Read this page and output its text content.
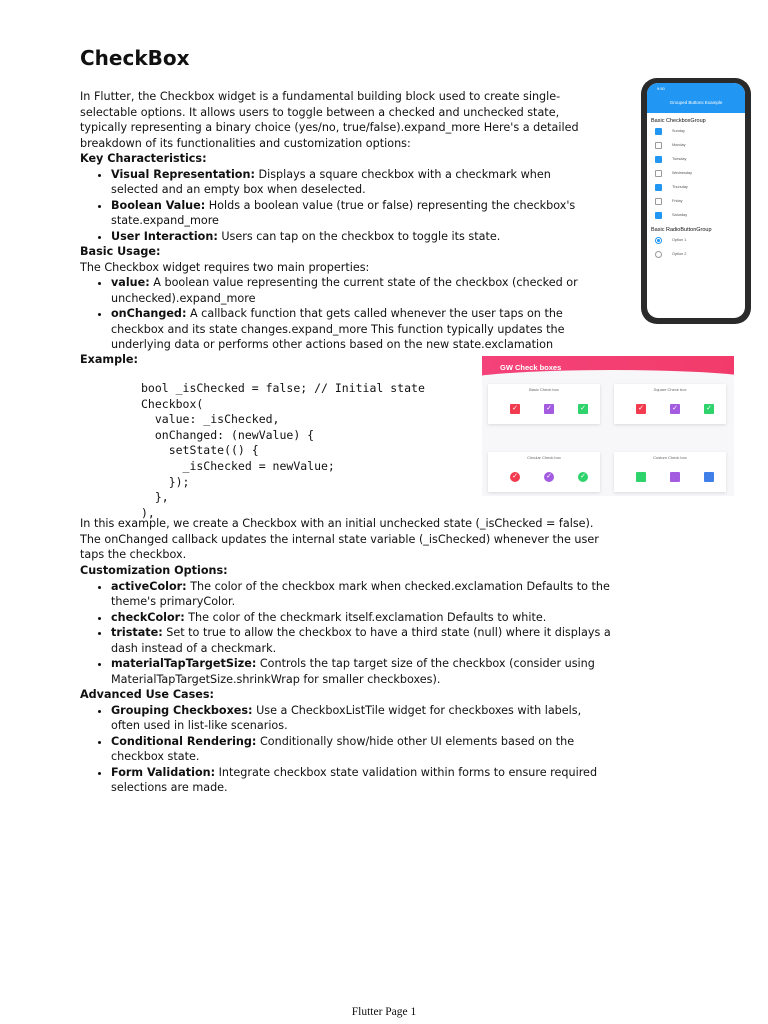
CheckBox
In Flutter, the Checkbox widget is a fundamental building block used to create single-selectable options. It allows users to toggle between a checked and unchecked state, typically representing a binary choice (yes/no, true/false).expand_more Here's a detailed breakdown of its functionalities and customization options:
Key Characteristics:
• Visual Representation: Displays a square checkbox with a checkmark when selected and an empty box when deselected.
• Boolean Value: Holds a boolean value (true or false) representing the checkbox's state.expand_more
• User Interaction: Users can tap on the checkbox to toggle its state.
Basic Usage:
The Checkbox widget requires two main properties:
• value: A boolean value representing the current state of the checkbox (checked or unchecked).expand_more
• onChanged: A callback function that gets called whenever the user taps on the checkbox and its state changes.expand_more This function typically updates the underlying data or performs other actions based on the new state.exclamation
Example:
bool _isChecked = false; // Initial state
Checkbox(
value: _isChecked,
onChanged: (newValue) {
setState(() {
_isChecked = newValue;
});
},
),
In this example, we create a Checkbox with an initial unchecked state (_isChecked = false). The onChanged callback updates the internal state variable (_isChecked) whenever the user taps the checkbox.
Customization Options:
• activeColor: The color of the checkbox mark when checked.exclamation Defaults to the theme's primaryColor.
• checkColor: The color of the checkmark itself.exclamation Defaults to white.
• tristate: Set to true to allow the checkbox to have a third state (null) where it displays a dash instead of a checkmark.
• materialTapTargetSize: Controls the tap target size of the checkbox (consider using MaterialTapTargetSize.shrinkWrap for smaller checkboxes).
Advanced Use Cases:
• Grouping Checkboxes: Use a CheckboxListTile widget for checkboxes with labels, often used in list-like scenarios.
• Conditional Rendering: Conditionally show/hide other UI elements based on the checkbox state.
• Form Validation: Integrate checkbox state validation within forms to ensure required selections are made.
9:50
Grouped Buttons Example
Basic CheckboxGroup
Sunday
Monday
Tuesday
Wednesday
Thursday
Friday
Saturday
Basic RadioButtonGroup
Option 1
Option 2
GW Check boxes
Basic Check box
✓	✓	✓
Square Check box
✓	✓	✓
Circular Check box
✓	✓	✓
Custom Check box
Flutter Page 1
